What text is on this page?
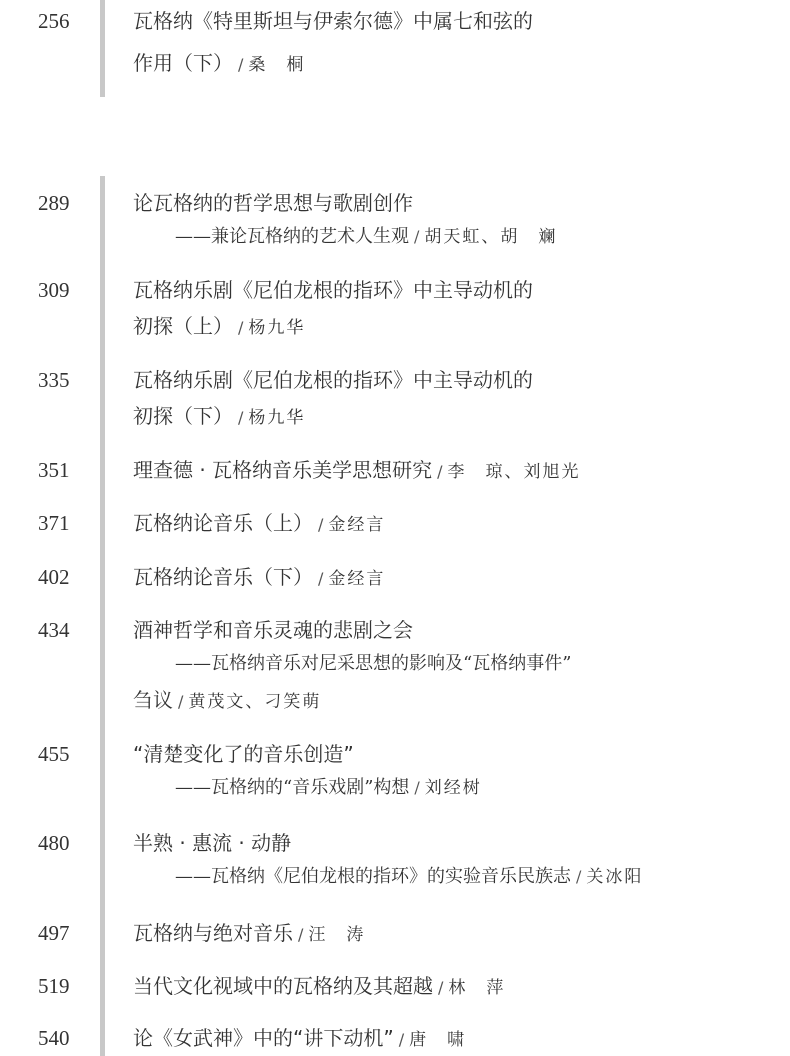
256	瓦格纳《特里斯坦与伊索尔德》中属七和弦的
作用（下） / 桑　桐
289	论瓦格纳的哲学思想与歌剧创作
——兼论瓦格纳的艺术人生观 / 胡天虹、胡　斓
309	瓦格纳乐剧《尼伯龙根的指环》中主导动机的
初探（上） / 杨九华
335	瓦格纳乐剧《尼伯龙根的指环》中主导动机的
初探（下） / 杨九华
351	理查德 · 瓦格纳音乐美学思想研究 / 李　琼、刘旭光
371	瓦格纳论音乐（上） / 金经言
402	瓦格纳论音乐（下） / 金经言
434	酒神哲学和音乐灵魂的悲剧之会
——瓦格纳音乐对尼采思想的影响及“瓦格纳事件”
刍议 / 黄茂文、刁笑萌
455	“清楚变化了的音乐创造”
——瓦格纳的“音乐戏剧”构想 / 刘经树
480	半熟 · 惠流 · 动静
——瓦格纳《尼伯龙根的指环》的实验音乐民族志 / 关冰阳
497	瓦格纳与绝对音乐 / 汪　涛
519	当代文化视域中的瓦格纳及其超越 / 林　萍
540	论《女武神》中的“讲下动机” / 唐　啸
